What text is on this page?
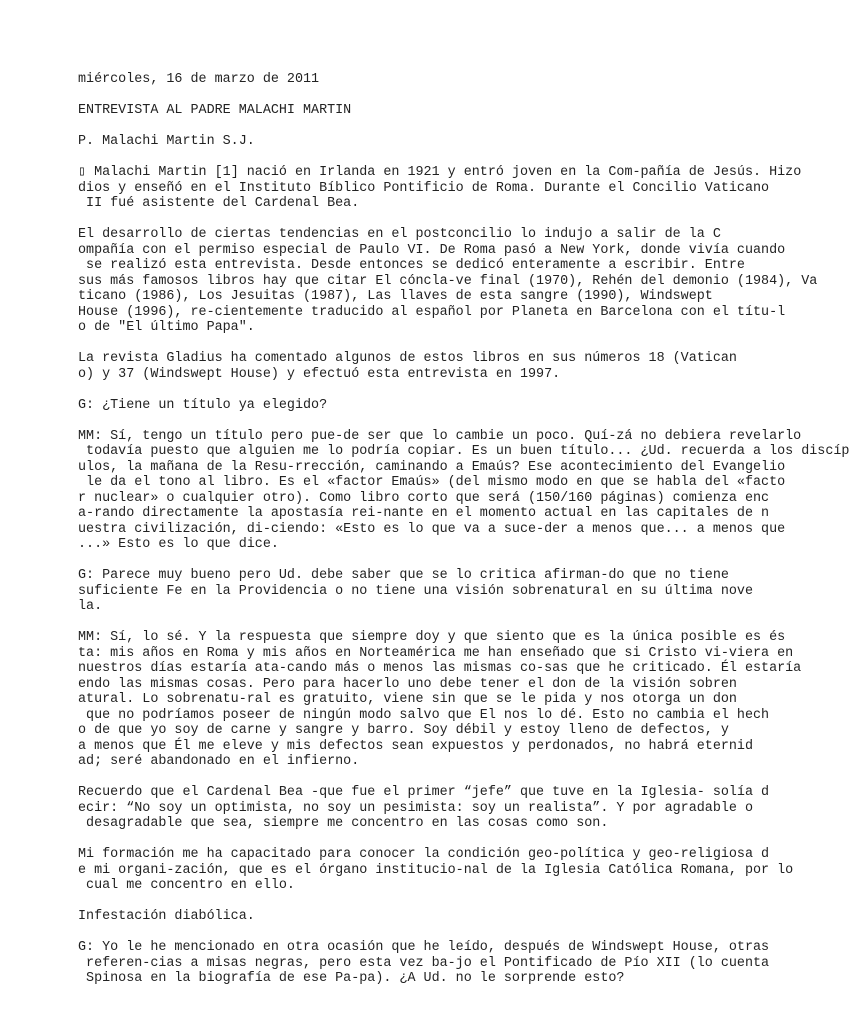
miércoles, 16 de marzo de 2011
ENTREVISTA AL PADRE MALACHI MARTIN
P. Malachi Martin S.J.
▯ Malachi Martin [1] nació en Irlanda en 1921 y entró joven en la Com-pañía de Jesús. Hizo
dios y enseñó en el Instituto Bíblico Pontificio de Roma. Durante el Concilio Vaticano
II fué asistente del Cardenal Bea.
El desarrollo de ciertas tendencias en el postconcilio lo indujo a salir de la C
ompañía con el permiso especial de Paulo VI. De Roma pasó a New York, donde vivía cuando
se realizó esta entrevista. Desde entonces se dedicó enteramente a escribir. Entre
sus más famosos libros hay que citar El cóncla-ve final (1970), Rehén del demonio (1984), Va
ticano (1986), Los Jesuitas (1987), Las llaves de esta sangre (1990), Windswept
House (1996), re-cientemente traducido al español por Planeta en Barcelona con el títu-l
o de "El último Papa".
La revista Gladius ha comentado algunos de estos libros en sus números 18 (Vatican
o) y 37 (Windswept House) y efectuó esta entrevista en 1997.
G: ¿Tiene un título ya elegido?
MM: Sí, tengo un título pero pue-de ser que lo cambie un poco. Quí-zá no debiera revelarlo
todavía puesto que alguien me lo podría copiar. Es un buen título... ¿Ud. recuerda a los discíp
ulos, la mañana de la Resu-rrección, caminando a Emaús? Ese acontecimiento del Evangelio
le da el tono al libro. Es el «factor Emaús» (del mismo modo en que se habla del «facto
r nuclear» o cualquier otro). Como libro corto que será (150/160 páginas) comienza enc
a-rando directamente la apostasía rei-nante en el momento actual en las capitales de n
uestra civilización, di-ciendo: «Esto es lo que va a suce-der a menos que... a menos que
...» Esto es lo que dice.
G: Parece muy bueno pero Ud. debe saber que se lo critica afirman-do que no tiene
suficiente Fe en la Providencia o no tiene una visión sobrenatural en su última nove
la.
MM: Sí, lo sé. Y la respuesta que siempre doy y que siento que es la única posible es és
ta: mis años en Roma y mis años en Norteamérica me han enseñado que si Cristo vi-viera en
nuestros días estaría ata-cando más o menos las mismas co-sas que he criticado. Él estaría
endo las mismas cosas. Pero para hacerlo uno debe tener el don de la visión sobren
atural. Lo sobrenatu-ral es gratuito, viene sin que se le pida y nos otorga un don
que no podríamos poseer de ningún modo salvo que El nos lo dé. Esto no cambia el hech
o de que yo soy de carne y sangre y barro. Soy débil y estoy lleno de defectos, y
a menos que Él me eleve y mis defectos sean expuestos y perdonados, no habrá eternid
ad; seré abandonado en el infierno.
Recuerdo que el Cardenal Bea -que fue el primer “jefe” que tuve en la Iglesia- solía d
ecir: “No soy un optimista, no soy un pesimista: soy un realista”. Y por agradable o
desagradable que sea, siempre me concentro en las cosas como son.
Mi formación me ha capacitado para conocer la condición geo-política y geo-religiosa d
e mi organi-zación, que es el órgano institucio-nal de la Iglesia Católica Romana, por lo
cual me concentro en ello.
Infestación diabólica.
G: Yo le he mencionado en otra ocasión que he leído, después de Windswept House, otras
referen-cias a misas negras, pero esta vez ba-jo el Pontificado de Pío XII (lo cuenta
Spinosa en la biografía de ese Pa-pa). ¿A Ud. no le sorprende esto?
